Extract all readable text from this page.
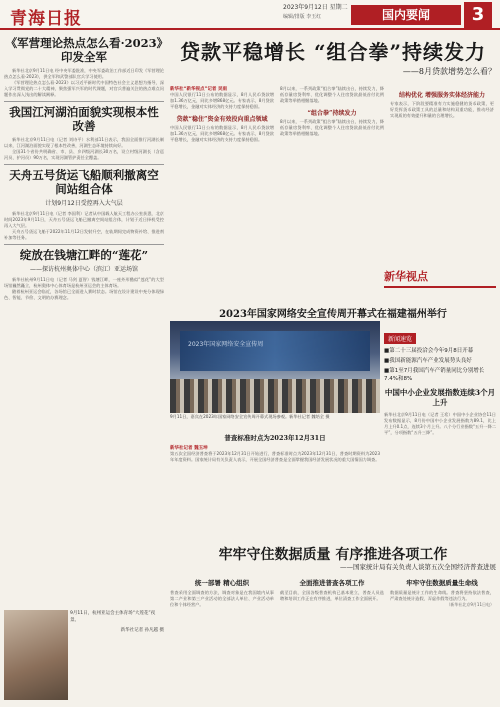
青海日报
2023年9月12日 星期二
编辑/排版 李玉红	国内要闻	3
《军营理论热点怎么看·2023》印发全军

新华社北京9月11日电 经中央军委批准，中央军委政治工作部近日印发《军营理论热点怎么看·2023》，供全军和武警部队官兵学习使用。

《军营理论热点怎么看·2023》以习近平新时代中国特色社会主义思想为指导，深入学习贯彻党的二十大精神，聚焦强军兴军的时代课题，对官兵普遍关注的热点难点问题作出深入浅出的解读阐释。

我国江河湖泊面貌实现根本性改善

新华社北京9月11日电（记者 刘诗平）水利部11日表示，我国全面推行河湖长制以来，江河湖泊面貌实现了根本性改善，河湖生态环境持续向好。

全国31个省份共明确省、市、县、乡四级河湖长30万名，设立村级河湖长（含巡河员、护河员）90万名，实现河湖管护责任全覆盖。

天舟五号货运飞船顺利撤离空间站组合体
计划9月12日受控再入大气层

新华社北京9月11日电（记者 李国利）记者从中国载人航天工程办公室获悉，北京时间2023年9月11日，天舟五号货运飞船已撤离空间站组合体，计划于近日择机受控再入大气层。

天舟五号货运飞船于2022年11月12日发射升空，在轨期间完成物资补给、推进剂补加等任务。

绽放在钱塘江畔的“莲花”
——探访杭州奥体中心（滨江）亚运场馆

新华社杭州9月11日电（记者 马剑 夏智）钱塘江畔，一座外形酷似“莲花”的大型场馆巍然矗立，杭州奥体中心体育场是杭州亚运会的主体育场。

随着杭州亚运会临近，各场馆已全面进入赛时状态。场馆在设计建设中充分体现绿色、智能、节俭、文明的办赛理念。

9月11日，杭州亚运会主体育场“大莲花”夜景。
新华社记者 孙凡越 摄
贷款平稳增长 “组合拳”持续发力
——8月贷款增势怎么看？
新华社“新华视点”记者 吴雨
中国人民银行11日公布的数据显示，8月人民币贷款增加1.36万亿元，同比多增868亿元。专家表示，8月贷款平稳增长，金融对实体经济的支持力度保持稳固。
贷款“稳住”资金有效投向重点领域
中国人民银行11日公布的数据显示，8月人民币贷款增加1.36万亿元，同比多增868亿元。专家表示，8月贷款平稳增长，金融对实体经济的支持力度保持稳固。
8月以来，一系列政策“组合拳”陆续出台，持续发力，降低存量房贷利率、优化调整个人住房贷款最低首付比例政策等举措相继落地。
“组合拳”持续发力
8月以来，一系列政策“组合拳”陆续出台，持续发力，降低存量房贷利率、优化调整个人住房贷款最低首付比例政策等举措相继落地。
结构优化 增强服务实体经济能力
专家表示，下阶段要精准有力实施稳健的货币政策，更好发挥货币政策工具的总量和结构双重功能，推动经济实现质的有效提升和量的合理增长。
新华视点
2023年国家网络安全宣传周开幕式在福建福州举行
2023年国家网络安全宣传周
9月11日，嘉宾在2023年国家网络安全宣传周开幕式现场参观。新华社记者 魏培全 摄
新闻速览
■第二十三届投洽会今年9月8日开幕
■我国新能源汽车产业发展势头良好
■第1至7月我国汽车产销量同比分别增长7.4%和8%
中国中小企业发展指数连续3个月上升
新华社北京9月11日电（记者 王希）中国中小企业协会11日发布数据显示，8月份中国中小企业发展指数为89.1，比上月上升0.1点，连续3个月上升。八个分行业指数“五升一降二平”，分项指数“五升三降”。
普查标准时点为2023年12月31日
新华社记者 魏玉坤
第五次全国经济普查将于2023年12月31日开始进行，普查标准时点为2023年12月31日，普查时期资料为2023年年度资料。国家统计局有关负责人表示，开展全国经济普查是全面掌握我国经济发展状况的重大国情国力调查。
牢牢守住数据质量 有序推进各项工作
——国家统计局有关负责人谈第五次全国经济普查进展
统一部署 精心组织
普查采用全面调查的方法，调查对象是在我国境内从事第二产业和第三产业活动的全部法人单位、产业活动单位和个体经营户。
全面推进普查各项工作
截至目前，全国各级普查机构已基本建立，普查人员选聘和培训工作正在有序推进，单位清查工作全面展开。
牢牢守住数据质量生命线
数据质量是统计工作的生命线。普查将坚持依法普查，严肃查处统计造假、弄虚作假等违法行为。
（新华社北京9月11日电）
